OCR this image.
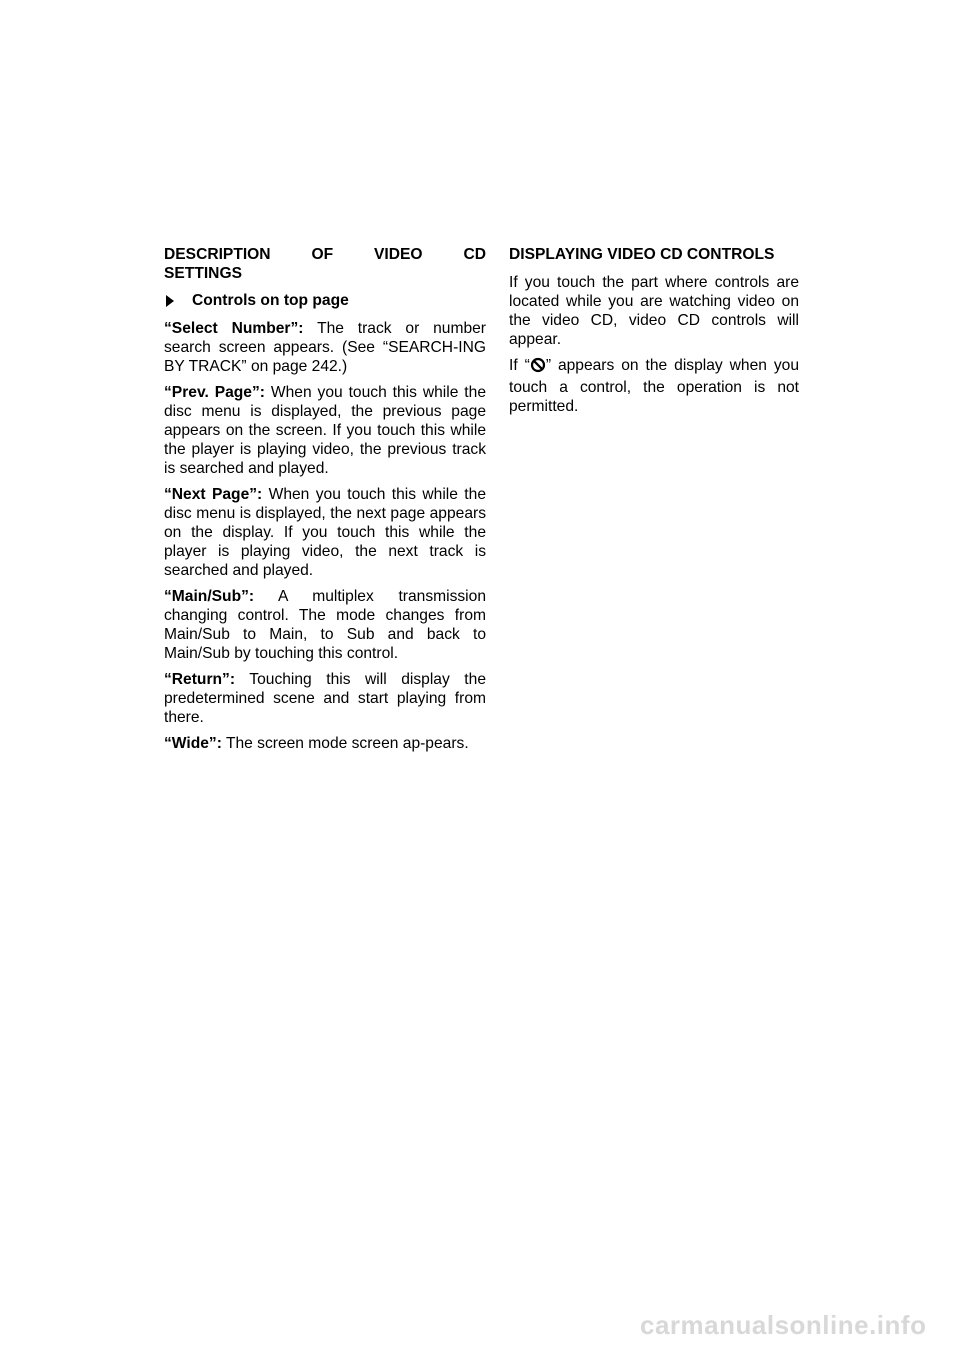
DESCRIPTION OF VIDEO CD
SETTINGS

Controls on top page

“Select Number”: The track or number search screen appears. (See “SEARCH-ING BY TRACK” on page 242.)

“Prev. Page”: When you touch this while the disc menu is displayed, the previous page appears on the screen. If you touch this while the player is playing video, the previous track is searched and played.

“Next Page”: When you touch this while the disc menu is displayed, the next page appears on the display. If you touch this while the player is playing video, the next track is searched and played.

“Main/Sub”: A multiplex transmission changing control. The mode changes from Main/Sub to Main, to Sub and back to Main/Sub by touching this control.

“Return”: Touching this will display the predetermined scene and start playing from there.

“Wide”: The screen mode screen ap-pears.

DISPLAYING VIDEO CD CONTROLS

If you touch the part where controls are located while you are watching video on the video CD, video CD controls will appear.

If “ ” appears on the display when you touch a control, the operation is not permitted.

carmanualsonline.info
